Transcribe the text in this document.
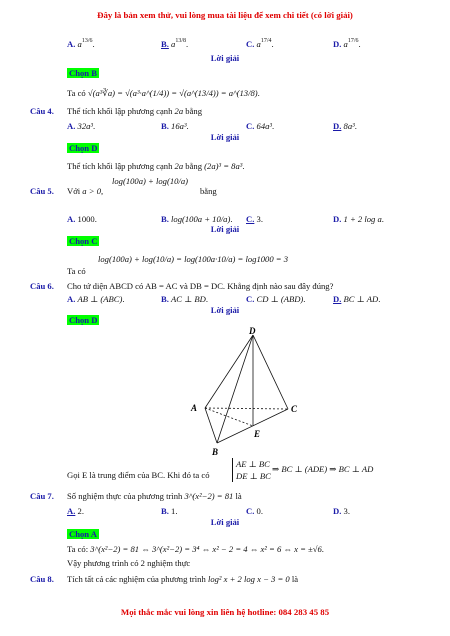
Đây là bản xem thử, vui lòng mua tài liệu để xem chi tiết (có lời giải)
A. $a^{13/6}$.	B. $a^{13/8}$.	C. $a^{17/4}$.	D. $a^{17/6}$.
Lời giải
Chọn B
Ta có √(a³∛a) = √(a³·a^(1/4)) = √(a^(13/4)) = a^(13/8).
Câu 4. Thể tích khối lập phương cạnh 2a bằng
A. 32a³.	B. 16a³.	C. 64a³.	D. 8a³.
Lời giải
Chọn D
Thể tích khối lập phương cạnh 2a bằng (2a)³ = 8a³.
Câu 5. Với a > 0,
log(100a) + log(10/a)
bằng
A. 1000.	B. log(100a + 10/a). C. 3.	D. 1 + 2 log a.
Lời giải
Chọn C
log(100a) + log(10/a) = log(100a·10/a) = log1000 = 3
Ta có
Câu 6. Cho tứ diện ABCD có AB = AC và DB = DC. Khẳng định nào sau đây đúng?
A. AB ⊥ (ABC).	B. AC ⊥ BD.	C. CD ⊥ (ABD).	D. BC ⊥ AD.
Lời giải
Chọn D
D
A
B
C
E
Gọi E là trung điểm của BC. Khi đó ta có
AE ⊥ BC
DE ⊥ BC
⇒ BC ⊥ (ADE) ⇒ BC ⊥ AD
Câu 7. Số nghiệm thực của phương trình 3^(x²−2) = 81 là
A. 2.	B. 1.	C. 0.	D. 3.
Lời giải
Chọn A
Ta có: 3^(x²−2) = 81 ⇔ 3^(x²−2) = 3⁴ ⇔ x² − 2 = 4 ⇔ x² = 6 ⇔ x = ±√6.
Vậy phương trình có 2 nghiệm thực
Câu 8. Tích tất cả các nghiệm của phương trình log² x + 2 log x − 3 = 0 là
Mọi thắc mắc vui lòng xin liên hệ hotline: 084 283 45 85
